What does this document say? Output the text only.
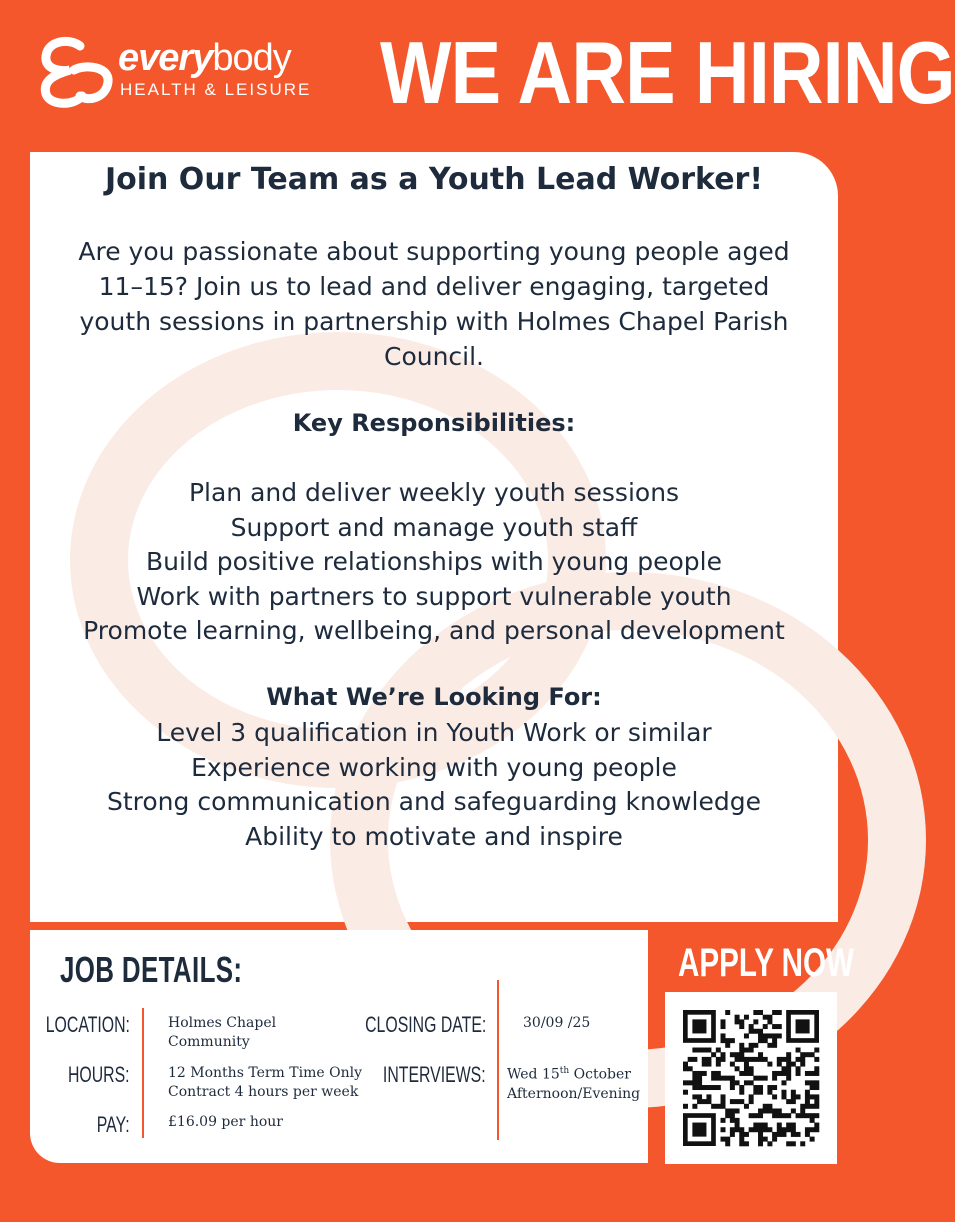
everybody
HEALTH & LEISURE WE ARE HIRING
Join Our Team as a Youth Lead Worker!
Are you passionate about supporting young people aged 11–15? Join us to lead and deliver engaging, targeted youth sessions in partnership with Holmes Chapel Parish Council.
Key Responsibilities:
Plan and deliver weekly youth sessions
Support and manage youth staff
Build positive relationships with young people
Work with partners to support vulnerable youth
Promote learning, wellbeing, and personal development
What We’re Looking For:
Level 3 qualification in Youth Work or similar
Experience working with young people
Strong communication and safeguarding knowledge
Ability to motivate and inspire
JOB DETAILS:
LOCATION:	Holmes Chapel
Community
HOURS:	12 Months Term Time Only
Contract 4 hours per week
PAY:	£16.09 per hour
CLOSING DATE:	30/09 /25
INTERVIEWS: Wed 15th October
Afternoon/Evening
APPLY NOW
